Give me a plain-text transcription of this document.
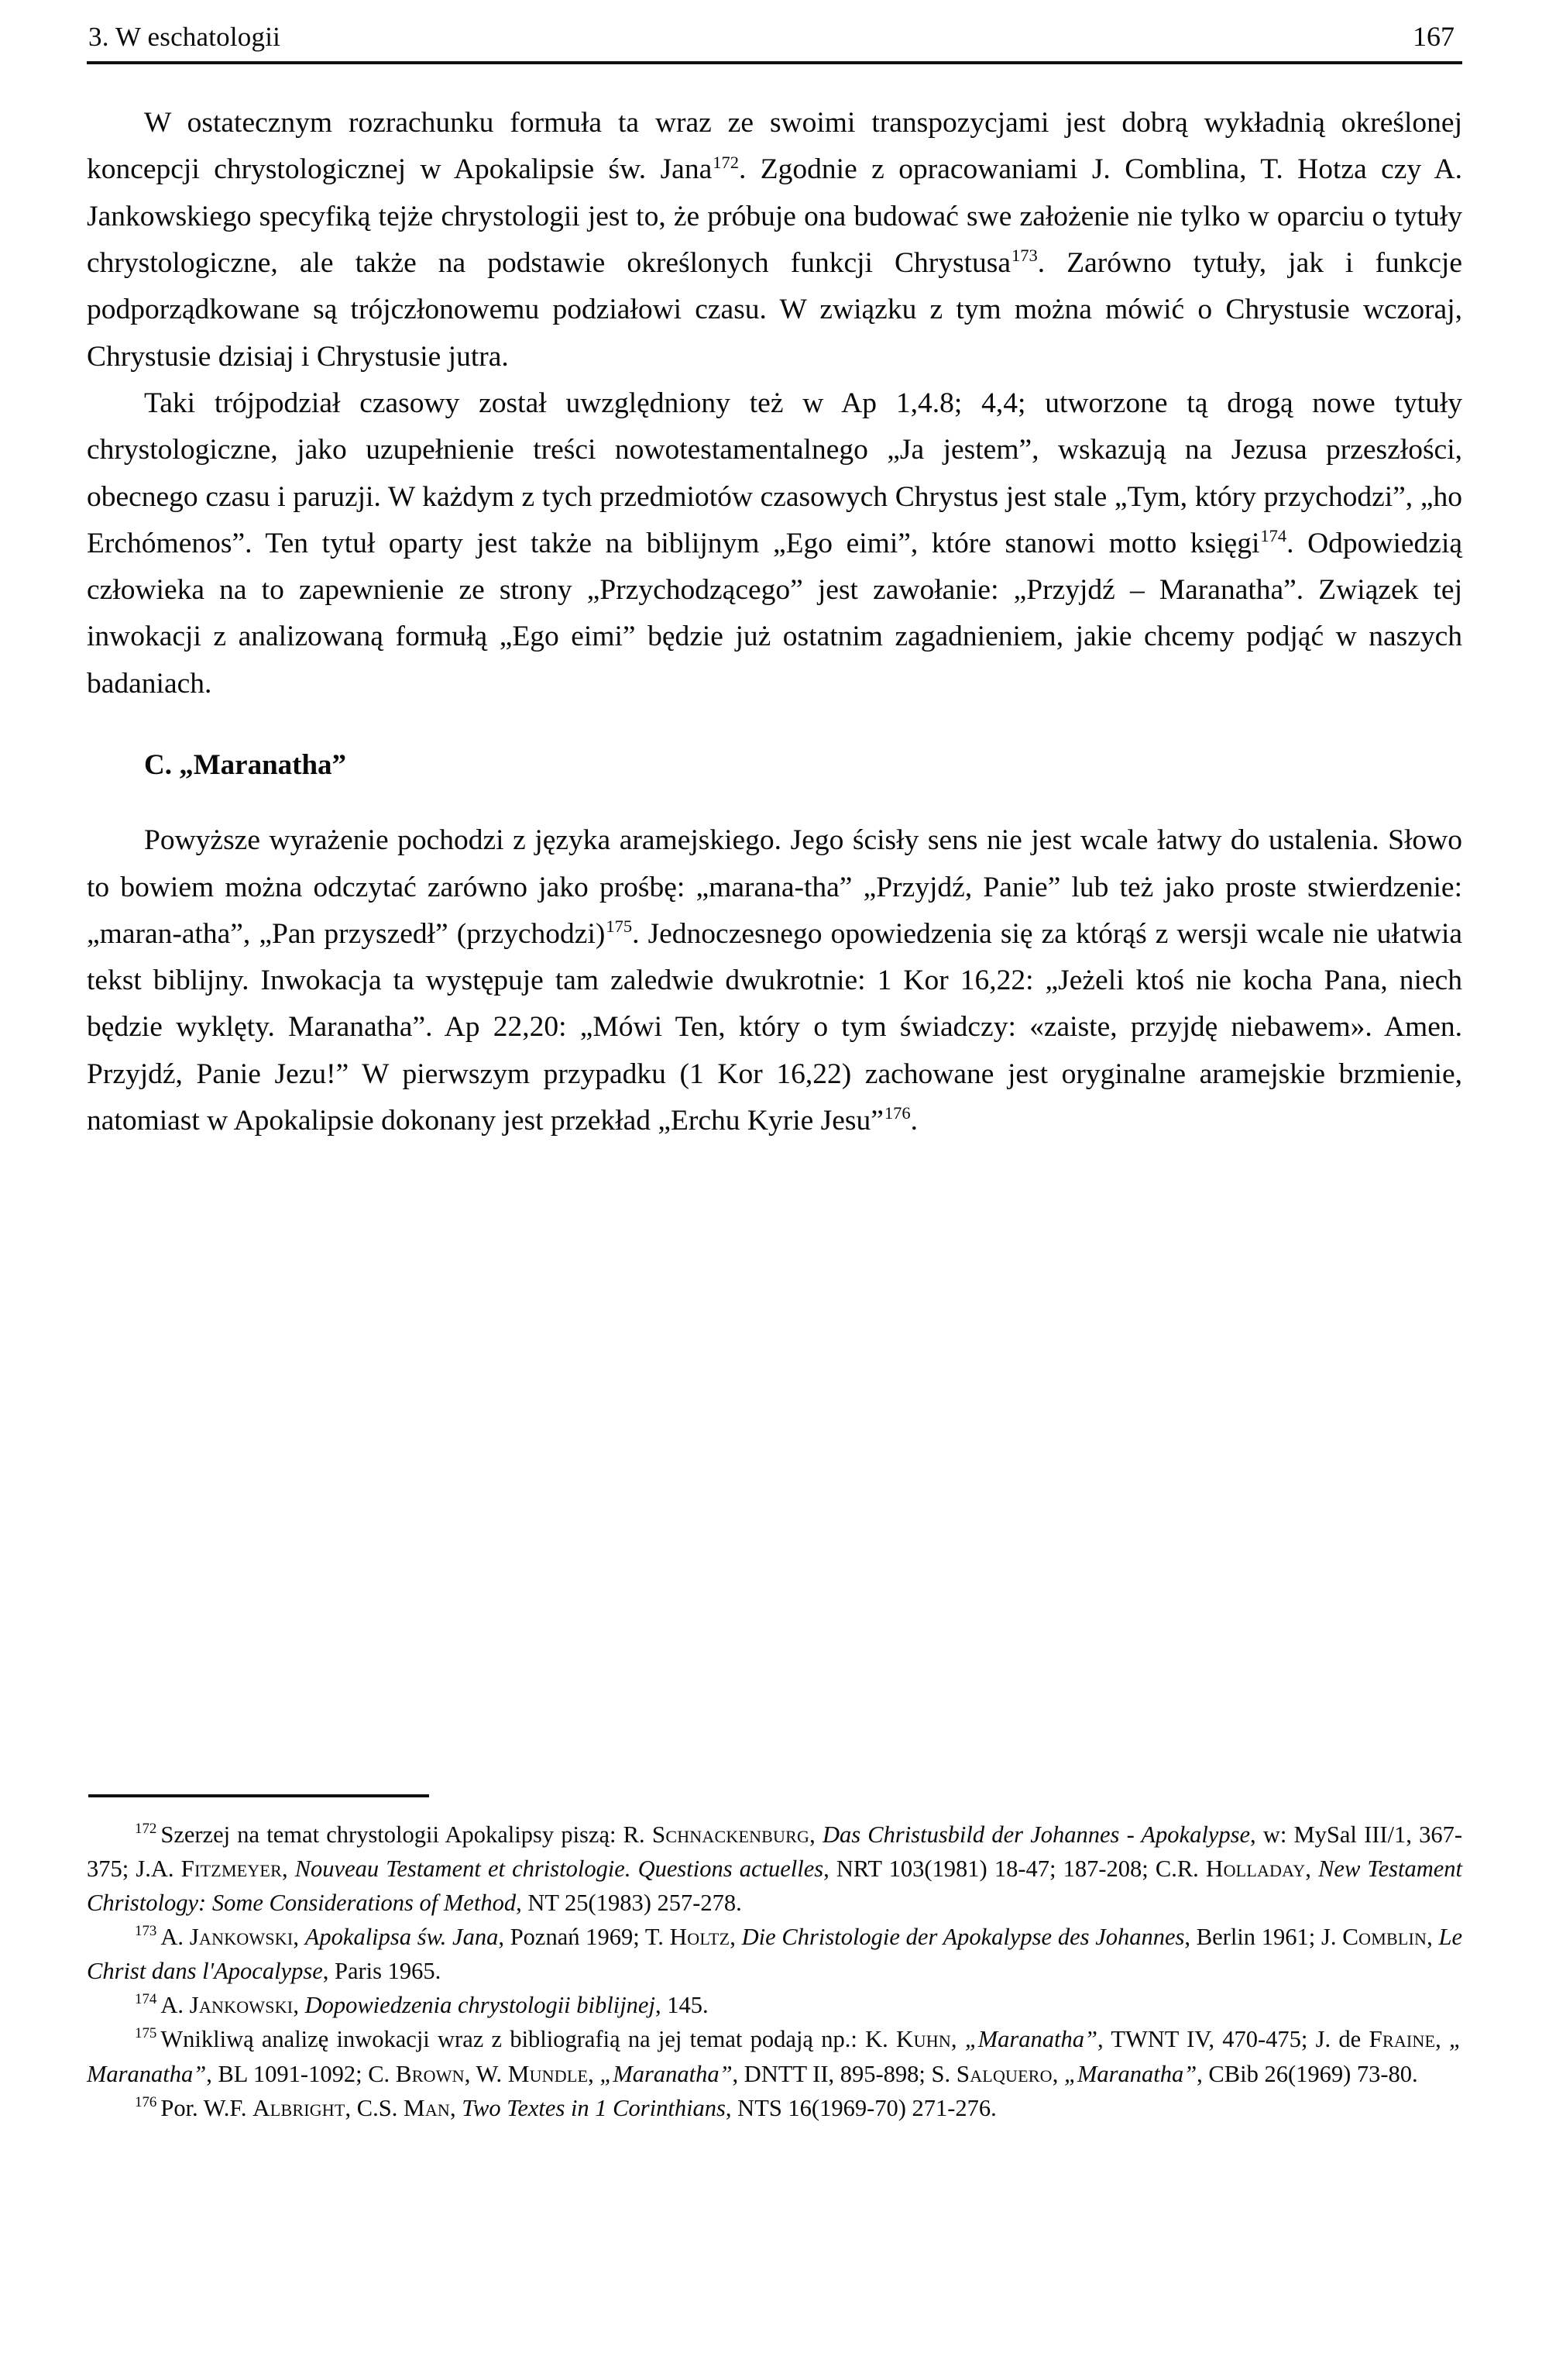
3. W eschatologii	167

W ostatecznym rozrachunku formuła ta wraz ze swoimi transpozycjami jest dobrą wykładnią określonej koncepcji chrystologicznej w Apokalipsie św. Jana$^{172}$. Zgodnie z opracowaniami J. Comblina, T. Hotza czy A. Jankowskiego specyfiką tejże chrystologii jest to, że próbuje ona budować swe założenie nie tylko w oparciu o tytuły chrystologiczne, ale także na podstawie określonych funkcji Chrystusa$^{173}$. Zarówno tytuły, jak i funkcje podporządkowane są trójczłonowemu podziałowi czasu. W związku z tym można mówić o Chrystusie wczoraj, Chrystusie dzisiaj i Chrystusie jutra.

Taki trójpodział czasowy został uwzględniony też w Ap 1,4.8; 4,4; utworzone tą drogą nowe tytuły chrystologiczne, jako uzupełnienie treści nowotestamentalnego „Ja jestem”, wskazują na Jezusa przeszłości, obecnego czasu i paruzji. W każdym z tych przedmiotów czasowych Chrystus jest stale „Tym, który przychodzi”, „ho Erchómenos”. Ten tytuł oparty jest także na biblijnym „Ego eimi”, które stanowi motto księgi$^{174}$. Odpowiedzią człowieka na to zapewnienie ze strony „Przychodzącego” jest zawołanie: „Przyjdź – Maranatha”. Związek tej inwokacji z analizowaną formułą „Ego eimi” będzie już ostatnim zagadnieniem, jakie chcemy podjąć w naszych badaniach.

C. „Maranatha”

Powyższe wyrażenie pochodzi z języka aramejskiego. Jego ścisły sens nie jest wcale łatwy do ustalenia. Słowo to bowiem można odczytać zarówno jako prośbę: „marana-tha” „Przyjdź, Panie” lub też jako proste stwierdzenie: „maran-atha”, „Pan przyszedł” (przychodzi)$^{175}$. Jednoczesnego opowiedzenia się za którąś z wersji wcale nie ułatwia tekst biblijny. Inwokacja ta występuje tam zaledwie dwukrotnie: 1 Kor 16,22: „Jeżeli ktoś nie kocha Pana, niech będzie wyklęty. Maranatha”. Ap 22,20: „Mówi Ten, który o tym świadczy: «zaiste, przyjdę niebawem». Amen. Przyjdź, Panie Jezu!” W pierwszym przypadku (1 Kor 16,22) zachowane jest oryginalne aramejskie brzmienie, natomiast w Apokalipsie dokonany jest przekład „Erchu Kyrie Jesu”$^{176}$.

$^{172}$ Szerzej na temat chrystologii Apokalipsy piszą: R. Schnackenburg, Das Christusbild der Johannes - Apokalypse, w: MySal III/1, 367-375; J.A. Fitzmeyer, Nouveau Testament et christologie. Questions actuelles, NRT 103(1981) 18-47; 187-208; C.R. Holladay, New Testament Christology: Some Considerations of Method, NT 25(1983) 257-278.

$^{173}$ A. Jankowski, Apokalipsa św. Jana, Poznań 1969; T. Holtz, Die Christologie der Apokalypse des Johannes, Berlin 1961; J. Comblin, Le Christ dans l'Apocalypse, Paris 1965.

$^{174}$ A. Jankowski, Dopowiedzenia chrystologii biblijnej, 145.

$^{175}$ Wnikliwą analizę inwokacji wraz z bibliografią na jej temat podają np.: K. Kuhn, „Maranatha”, TWNT IV, 470-475; J. de Fraine, „ Maranatha”, BL 1091-1092; C. Brown, W. Mundle, „Maranatha”, DNTT II, 895-898; S. Salquero, „Maranatha”, CBib 26(1969) 73-80.

$^{176}$ Por. W.F. Albright, C.S. Man, Two Textes in 1 Corinthians, NTS 16(1969-70) 271-276.
